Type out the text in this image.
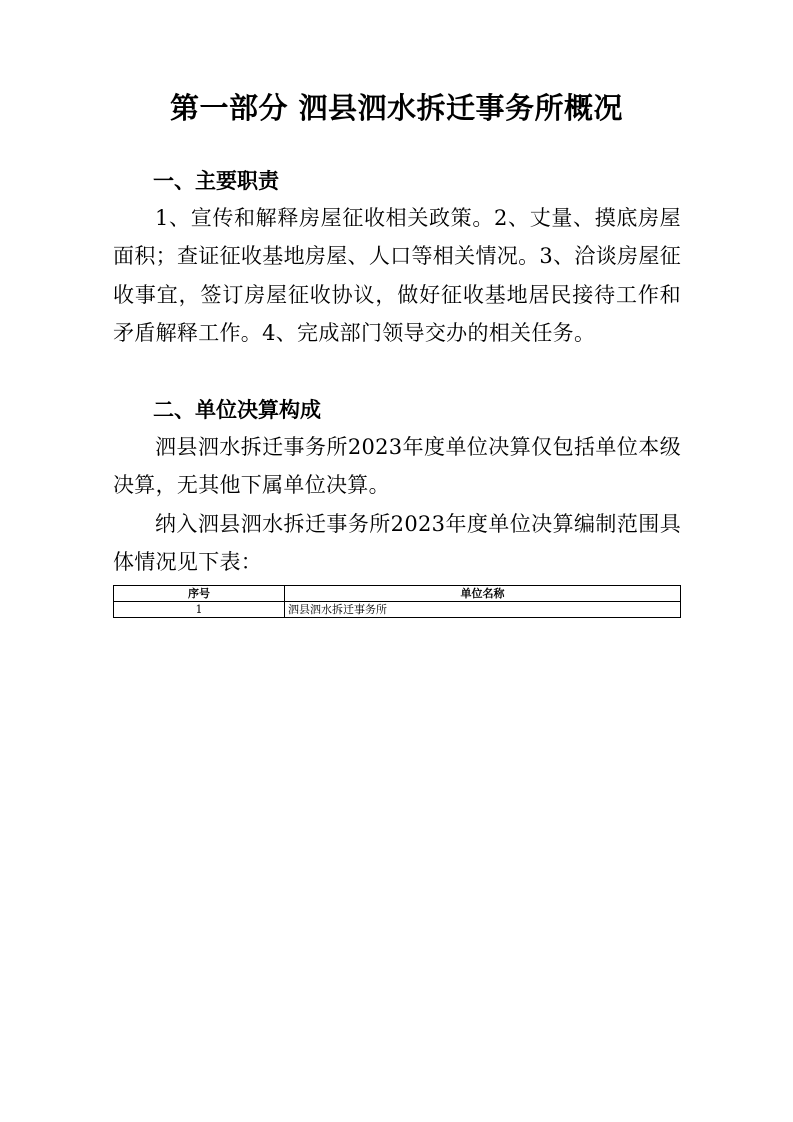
第一部分 泗县泗水拆迁事务所概况
一、主要职责

1、宣传和解释房屋征收相关政策。2、丈量、摸底房屋面积；查证征收基地房屋、人口等相关情况。3、洽谈房屋征收事宜，签订房屋征收协议，做好征收基地居民接待工作和矛盾解释工作。4、完成部门领导交办的相关任务。

二、单位决算构成

泗县泗水拆迁事务所2023年度单位决算仅包括单位本级决算，无其他下属单位决算。

纳入泗县泗水拆迁事务所2023年度单位决算编制范围具体情况见下表：

序号	单位名称
1	泗县泗水拆迁事务所
